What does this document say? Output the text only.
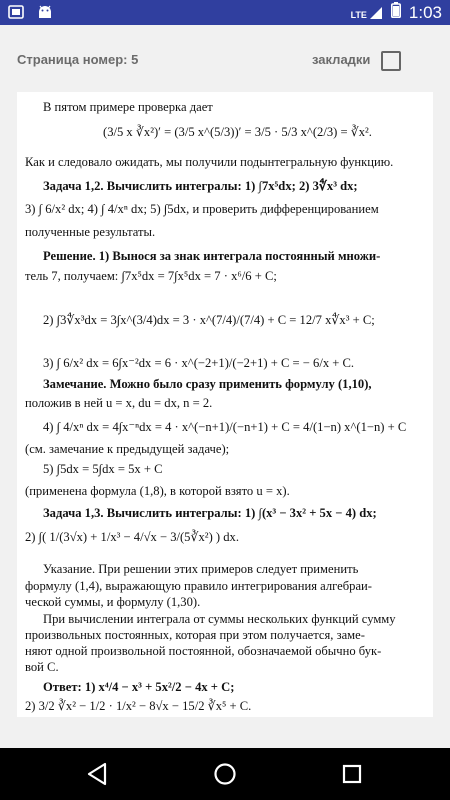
LTE 1:03
Страница номер: 5	закладки
В пятом примере проверка дает
(3/5 x ∛x²)′ = (3/5 x^(5/3))′ = 3/5 · 5/3 x^(2/3) = ∛x².
Как и следовало ожидать, мы получили подынтегральную функцию.
Задача 1,2. Вычислить интегралы: 1) ∫7x⁵dx; 2) 3∜x³ dx;
3) ∫ 6/x² dx; 4) ∫ 4/xⁿ dx; 5) ∫5dx, и проверить дифференцированием
полученные результаты.
Решение. 1) Вынося за знак интеграла постоянный множи-
тель 7, получаем: ∫7x⁵dx = 7∫x⁵dx = 7 · x⁶/6 + C;
2) ∫3∜x³dx = 3∫x^(3/4)dx = 3 · x^(7/4)/(7/4) + C = 12/7 x∜x³ + C;
3) ∫ 6/x² dx = 6∫x⁻²dx = 6 · x^(−2+1)/(−2+1) + C = − 6/x + C.
Замечание. Можно было сразу применить формулу (1,10),
положив в ней u = x, du = dx, n = 2.
4) ∫ 4/xⁿ dx = 4∫x⁻ⁿdx = 4 · x^(−n+1)/(−n+1) + C = 4/(1−n) x^(1−n) + C
(см. замечание к предыдущей задаче);
5) ∫5dx = 5∫dx = 5x + C
(применена формула (1,8), в которой взято u = x).
Задача 1,3. Вычислить интегралы: 1) ∫(x³ − 3x² + 5x − 4) dx;
2) ∫( 1/(3√x) + 1/x³ − 4/√x − 3/(5∛x²) ) dx.
Указание. При решении этих примеров следует применить
формулу (1,4), выражающую правило интегрирования алгебраи-
ческой суммы, и формулу (1,30).
При вычислении интеграла от суммы нескольких функций сумму
произвольных постоянных, которая при этом получается, заме-
няют одной произвольной постоянной, обозначаемой обычно бук-
вой С.
Ответ: 1) x⁴/4 − x³ + 5x²/2 − 4x + C;
2) 3/2 ∛x² − 1/2 · 1/x² − 8√x − 15/2 ∛x⁵ + C.
